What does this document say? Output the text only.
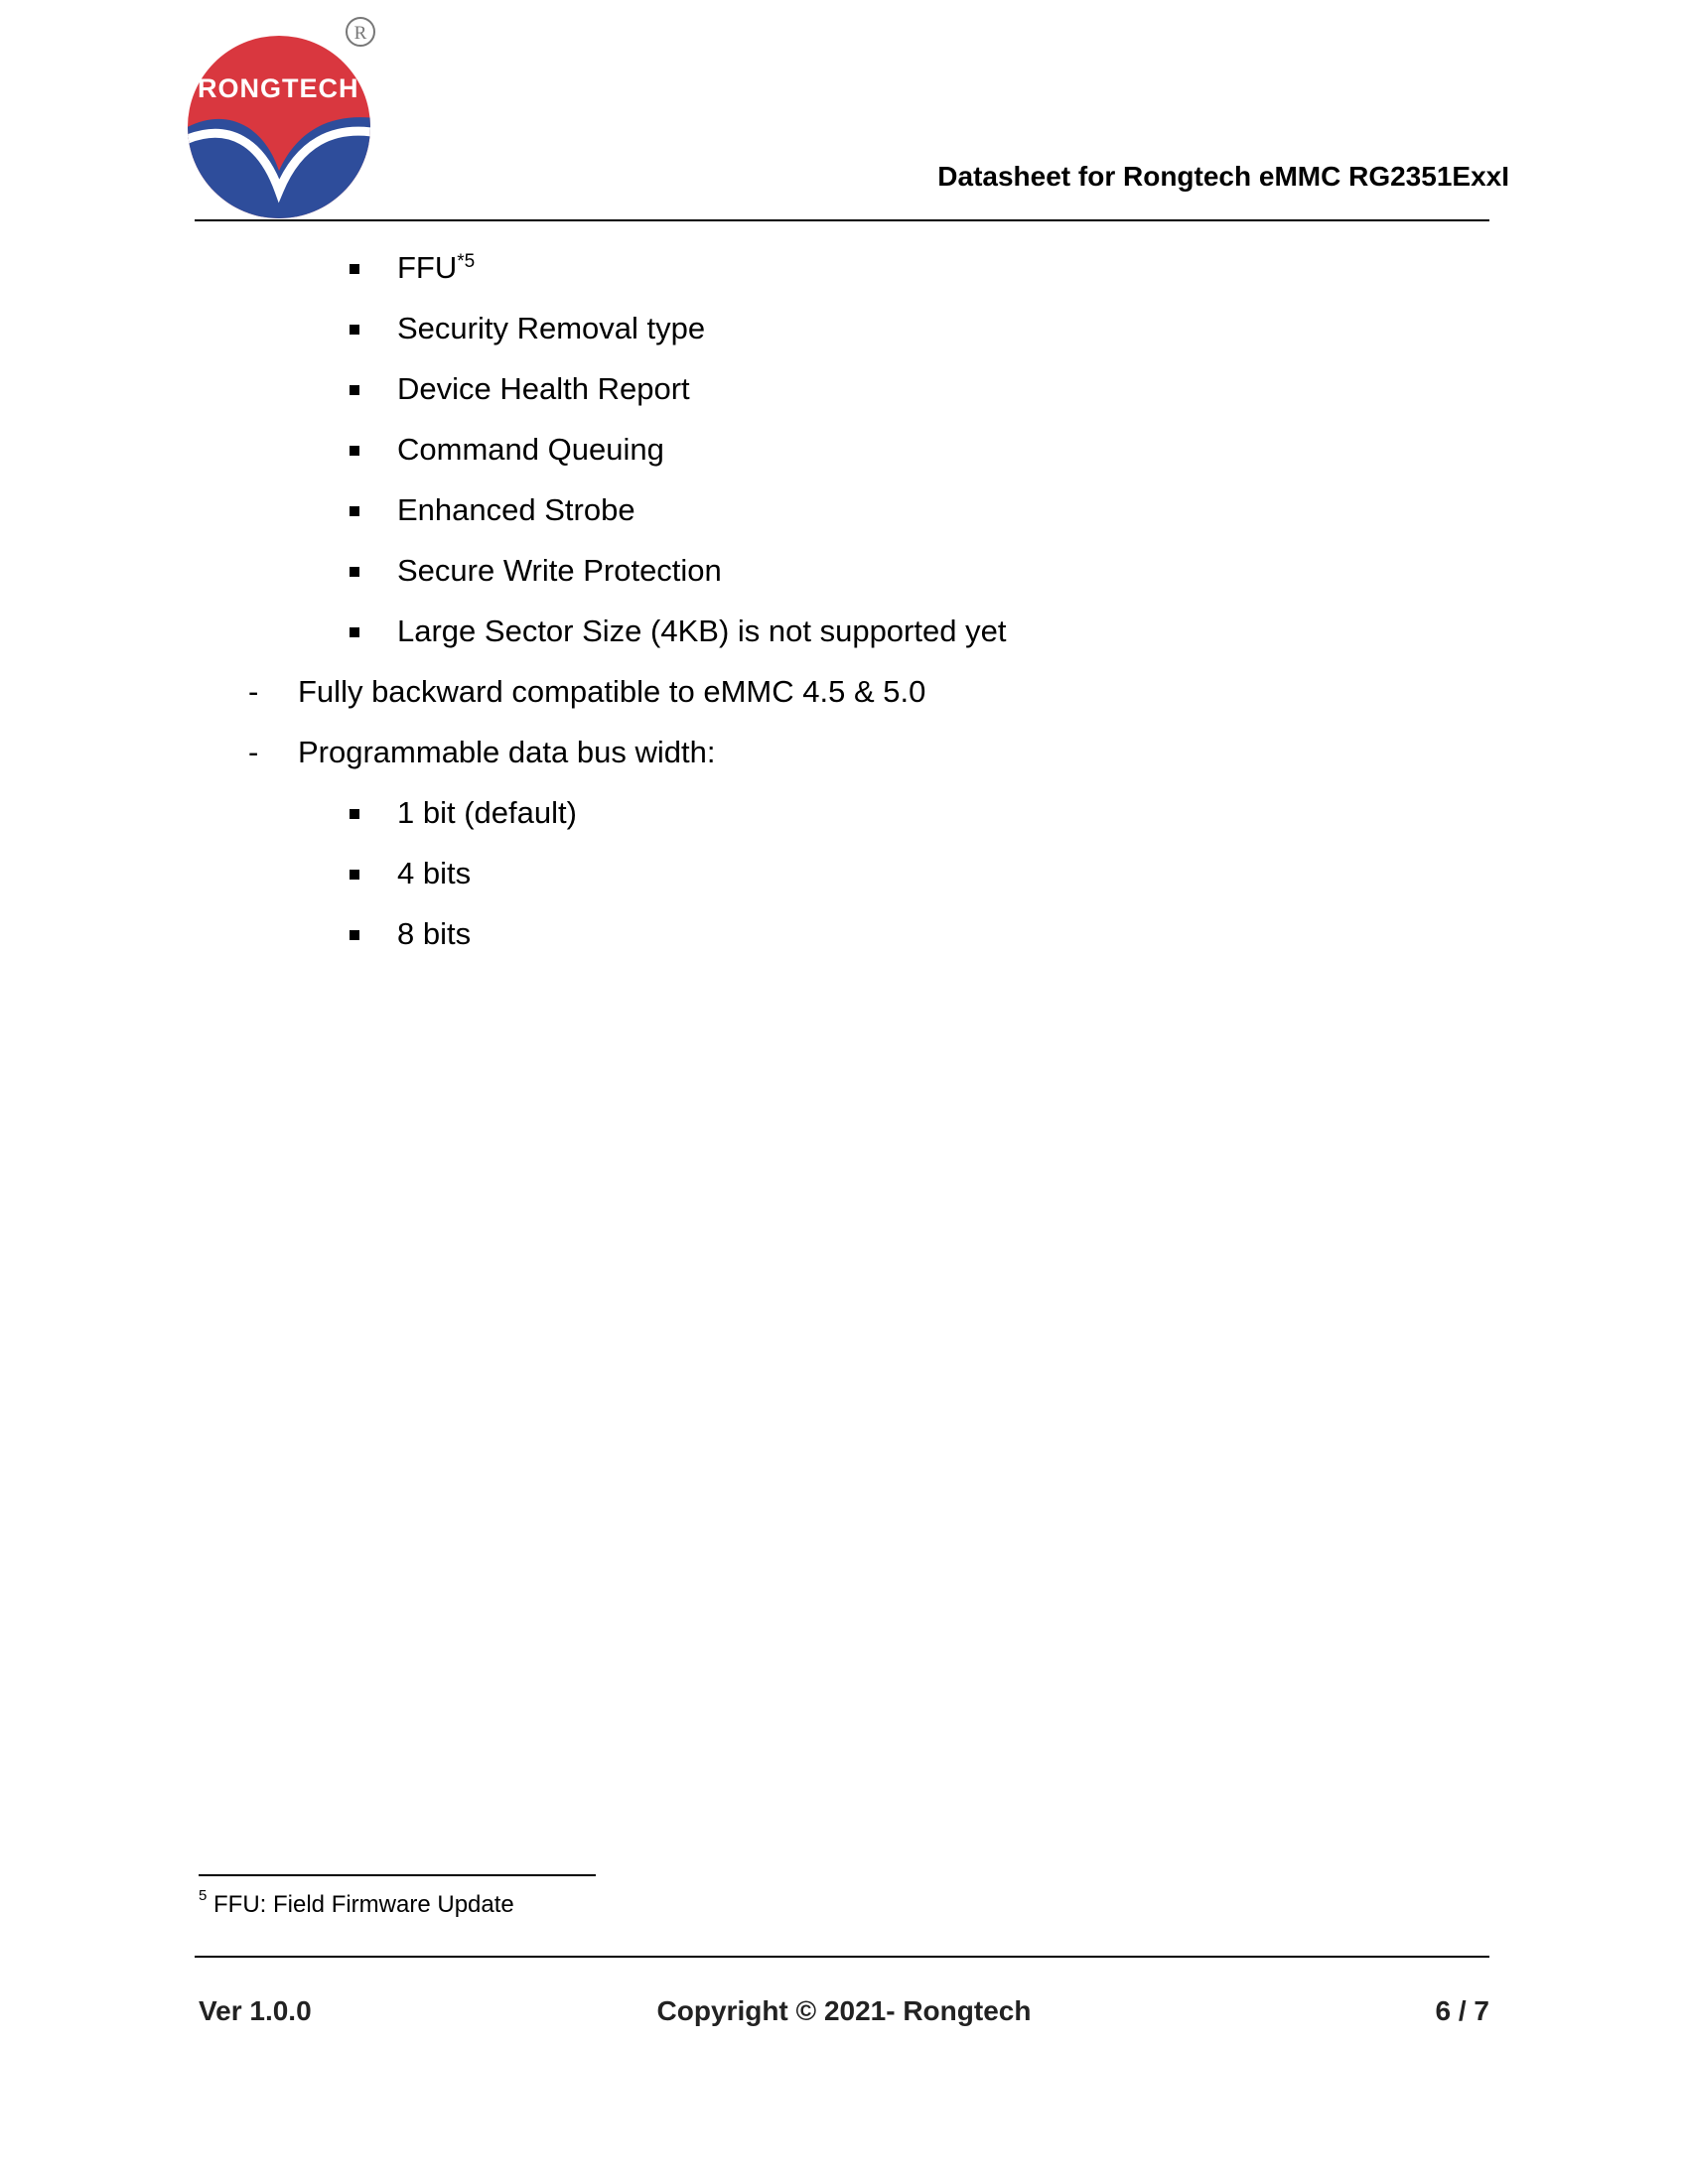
R
RONGTECH
Datasheet for Rongtech eMMC RG2351ExxI
FFU$^{*5}$
Security Removal type
Device Health Report
Command Queuing
Enhanced Strobe
Secure Write Protection
Large Sector Size (4KB) is not supported yet
- Fully backward compatible to eMMC 4.5 & 5.0
- Programmable data bus width:
1 bit (default)
4 bits
8 bits
$^5$ FFU: Field Firmware Update
Ver 1.0.0	Copyright © 2021- Rongtech	6 / 7
